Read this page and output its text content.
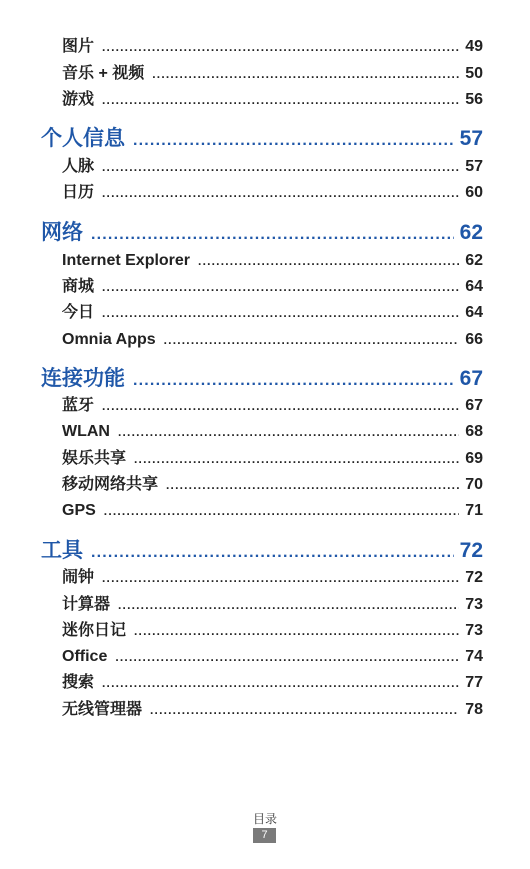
图片 .....	49
音乐 + 视频 .....	50
游戏 .....	56
个人信息 .....	57
人脉 .....	57
日历 .....	60
网络 .....	62
Internet Explorer .....	62
商城 .....	64
今日 .....	64
Omnia Apps .....	66
连接功能 .....	67
蓝牙 .....	67
WLAN .....	68
娱乐共享 .....	69
移动网络共享 .....	70
GPS .....	71
工具 .....	72
闹钟 .....	72
计算器 .....	73
迷你日记 .....	73
Office .....	74
搜索 .....	77
无线管理器 .....	78
目录
7
